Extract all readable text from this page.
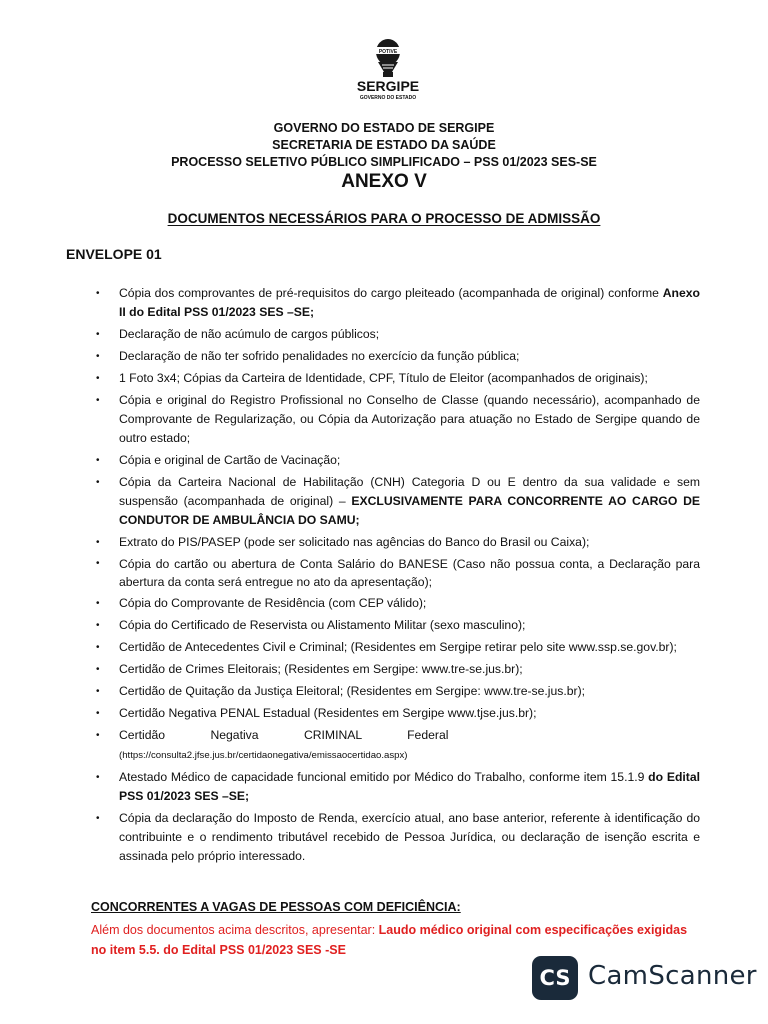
POTIVE
SERGIPE
GOVERNO DO ESTADO
GOVERNO DO ESTADO DE SERGIPE
SECRETARIA DE ESTADO DA SAÚDE
PROCESSO SELETIVO PÚBLICO SIMPLIFICADO – PSS 01/2023 SES-SE
ANEXO V
DOCUMENTOS NECESSÁRIOS PARA O PROCESSO DE ADMISSÃO
ENVELOPE 01
• Cópia dos comprovantes de pré-requisitos do cargo pleiteado (acompanhada de original) conforme Anexo II do Edital PSS 01/2023 SES –SE;
• Declaração de não acúmulo de cargos públicos;
• Declaração de não ter sofrido penalidades no exercício da função pública;
• 1 Foto 3x4; Cópias da Carteira de Identidade, CPF, Título de Eleitor (acompanhados de originais);
• Cópia e original do Registro Profissional no Conselho de Classe (quando necessário), acompanhado de Comprovante de Regularização, ou Cópia da Autorização para atuação no Estado de Sergipe quando de outro estado;
• Cópia e original de Cartão de Vacinação;
• Cópia da Carteira Nacional de Habilitação (CNH) Categoria D ou E dentro da sua validade e sem suspensão (acompanhada de original) – EXCLUSIVAMENTE PARA CONCORRENTE AO CARGO DE CONDUTOR DE AMBULÂNCIA DO SAMU;
• Extrato do PIS/PASEP (pode ser solicitado nas agências do Banco do Brasil ou Caixa);
• Cópia do cartão ou abertura de Conta Salário do BANESE (Caso não possua conta, a Declaração para abertura da conta será entregue no ato da apresentação);
• Cópia do Comprovante de Residência (com CEP válido);
• Cópia do Certificado de Reservista ou Alistamento Militar (sexo masculino);
• Certidão de Antecedentes Civil e Criminal; (Residentes em Sergipe retirar pelo site www.ssp.se.gov.br);
• Certidão de Crimes Eleitorais; (Residentes em Sergipe: www.tre-se.jus.br);
• Certidão de Quitação da Justiça Eleitoral; (Residentes em Sergipe: www.tre-se.jus.br);
• Certidão Negativa PENAL Estadual (Residentes em Sergipe www.tjse.jus.br);
• Certidão Negativa CRIMINAL Federal
(https://consulta2.jfse.jus.br/certidaonegativa/emissaocertidao.aspx)
• Atestado Médico de capacidade funcional emitido por Médico do Trabalho, conforme item 15.1.9 do Edital PSS 01/2023 SES –SE;
• Cópia da declaração do Imposto de Renda, exercício atual, ano base anterior, referente à identificação do contribuinte e o rendimento tributável recebido de Pessoa Jurídica, ou declaração de isenção escrita e assinada pelo próprio interessado.
CONCORRENTES A VAGAS DE PESSOAS COM DEFICIÊNCIA:
Além dos documentos acima descritos, apresentar: Laudo médico original com especificações exigidas no item 5.5. do Edital PSS 01/2023 SES -SE
CS CamScanner
